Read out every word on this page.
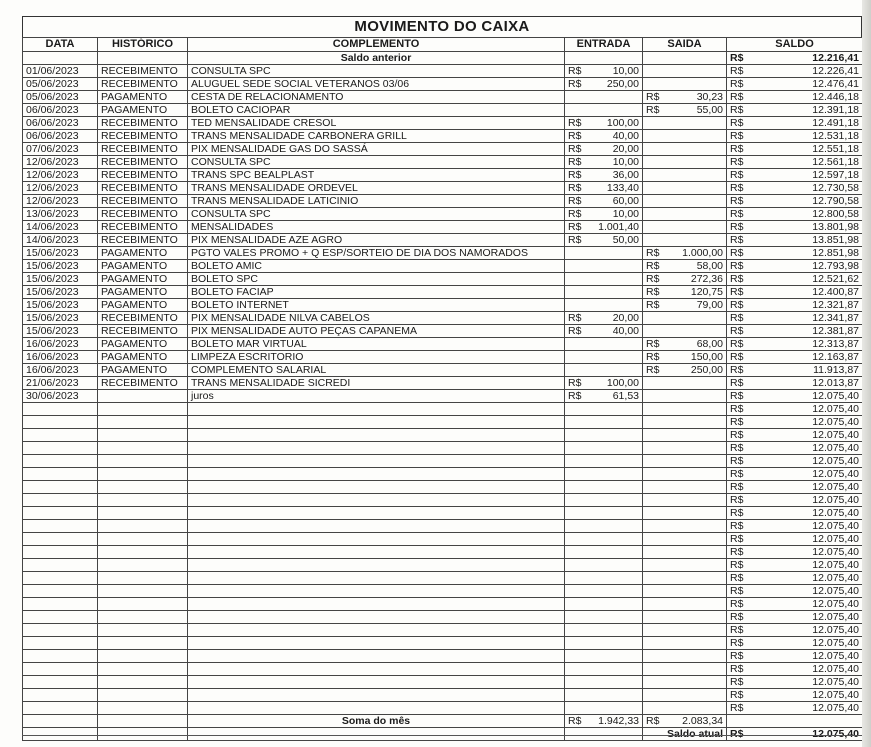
MOVIMENTO DO CAIXA
DATA	HISTÓRICO	COMPLEMENTO	ENTRADA	SAIDA	SALDO
		Saldo anterior			R$ 12.216,41

01/06/2023	RECEBIMENTO	CONSULTA SPC	R$ 10,00		R$ 12.226,41

05/06/2023	RECEBIMENTO	ALUGUEL SEDE SOCIAL VETERANOS 03/06	R$ 250,00		R$ 12.476,41

05/06/2023	PAGAMENTO	CESTA DE RELACIONAMENTO		R$ 30,23	R$ 12.446,18

06/06/2023	PAGAMENTO	BOLETO CACIOPAR		R$ 55,00	R$ 12.391,18

06/06/2023	RECEBIMENTO	TED MENSALIDADE CRESOL	R$ 100,00		R$ 12.491,18

06/06/2023	RECEBIMENTO	TRANS MENSALIDADE CARBONERA GRILL	R$ 40,00		R$ 12.531,18

07/06/2023	RECEBIMENTO	PIX MENSALIDADE GAS DO SASSÁ	R$ 20,00		R$ 12.551,18

12/06/2023	RECEBIMENTO	CONSULTA SPC	R$ 10,00		R$ 12.561,18

12/06/2023	RECEBIMENTO	TRANS SPC BEALPLAST	R$ 36,00		R$ 12.597,18

12/06/2023	RECEBIMENTO	TRANS MENSALIDADE ORDEVEL	R$ 133,40		R$ 12.730,58

12/06/2023	RECEBIMENTO	TRANS MENSALIDADE LATICINIO	R$ 60,00		R$ 12.790,58

13/06/2023	RECEBIMENTO	CONSULTA SPC	R$ 10,00		R$ 12.800,58

14/06/2023	RECEBIMENTO	MENSALIDADES	R$ 1.001,40		R$ 13.801,98

14/06/2023	RECEBIMENTO	PIX MENSALIDADE AZE AGRO	R$ 50,00		R$ 13.851,98

15/06/2023	PAGAMENTO	PGTO VALES PROMO + Q ESP/SORTEIO DE DIA DOS NAMORADOS		R$ 1.000,00	R$ 12.851,98

15/06/2023	PAGAMENTO	BOLETO AMIC		R$ 58,00	R$ 12.793,98

15/06/2023	PAGAMENTO	BOLETO SPC		R$ 272,36	R$ 12.521,62

15/06/2023	PAGAMENTO	BOLETO FACIAP		R$ 120,75	R$ 12.400,87

15/06/2023	PAGAMENTO	BOLETO INTERNET		R$ 79,00	R$ 12.321,87

15/06/2023	RECEBIMENTO	PIX MENSALIDADE NILVA CABELOS	R$ 20,00		R$ 12.341,87

15/06/2023	RECEBIMENTO	PIX MENSALIDADE AUTO PEÇAS CAPANEMA	R$ 40,00		R$ 12.381,87

16/06/2023	PAGAMENTO	BOLETO MAR VIRTUAL		R$ 68,00	R$ 12.313,87

16/06/2023	PAGAMENTO	LIMPEZA ESCRITORIO		R$ 150,00	R$ 12.163,87

16/06/2023	PAGAMENTO	COMPLEMENTO SALARIAL		R$ 250,00	R$ 11.913,87

21/06/2023	RECEBIMENTO	TRANS MENSALIDADE SICREDI	R$ 100,00		R$ 12.013,87

30/06/2023		juros	R$ 61,53		R$ 12.075,40

					R$ 12.075,40

					R$ 12.075,40

					R$ 12.075,40

					R$ 12.075,40

					R$ 12.075,40

					R$ 12.075,40

					R$ 12.075,40

					R$ 12.075,40

					R$ 12.075,40

					R$ 12.075,40

					R$ 12.075,40

					R$ 12.075,40

					R$ 12.075,40

					R$ 12.075,40

					R$ 12.075,40

					R$ 12.075,40

					R$ 12.075,40

					R$ 12.075,40

					R$ 12.075,40

					R$ 12.075,40

					R$ 12.075,40

					R$ 12.075,40

					R$ 12.075,40

					R$ 12.075,40

		Soma do mês	R$ 1.942,33	R$ 2.083,34	

				Saldo atual	R$ 12.075,40
